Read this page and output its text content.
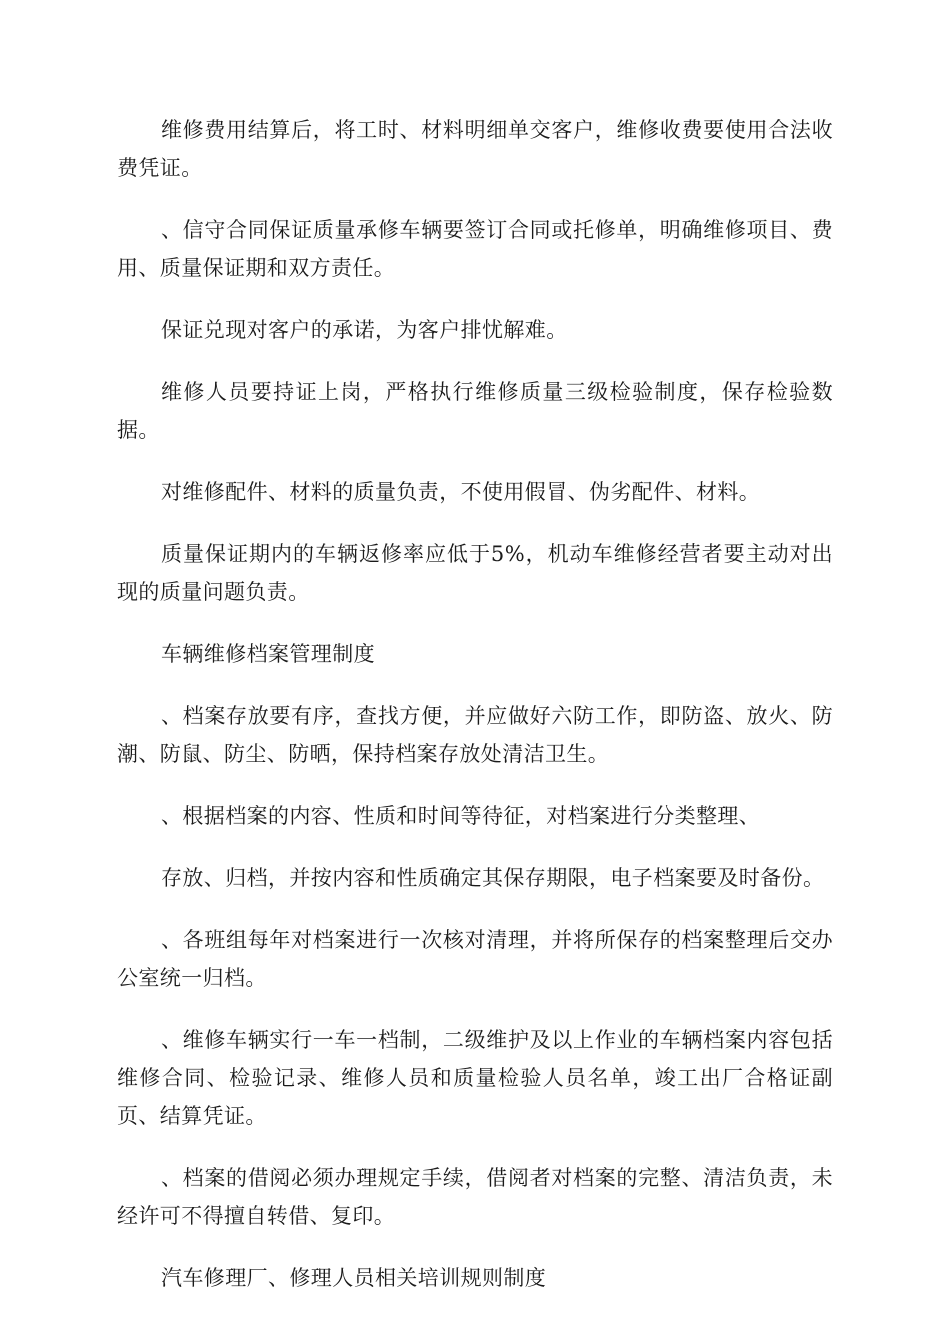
维修费用结算后，将工时、材料明细单交客户，维修收费要使用合法收费凭证。

、信守合同保证质量承修车辆要签订合同或托修单，明确维修项目、费用、质量保证期和双方责任。

保证兑现对客户的承诺，为客户排忧解难。

维修人员要持证上岗，严格执行维修质量三级检验制度，保存检验数据。

对维修配件、材料的质量负责，不使用假冒、伪劣配件、材料。

质量保证期内的车辆返修率应低于5%，机动车维修经营者要主动对出现的质量问题负责。

车辆维修档案管理制度

、档案存放要有序，查找方便，并应做好六防工作，即防盗、放火、防潮、防鼠、防尘、防晒，保持档案存放处清洁卫生。

、根据档案的内容、性质和时间等待征，对档案进行分类整理、

存放、归档，并按内容和性质确定其保存期限，电子档案要及时备份。

、各班组每年对档案进行一次核对清理，并将所保存的档案整理后交办公室统一归档。

、维修车辆实行一车一档制，二级维护及以上作业的车辆档案内容包括维修合同、检验记录、维修人员和质量检验人员名单，竣工出厂合格证副页、结算凭证。

、档案的借阅必须办理规定手续，借阅者对档案的完整、清洁负责，未经许可不得擅自转借、复印。

汽车修理厂、修理人员相关培训规则制度
